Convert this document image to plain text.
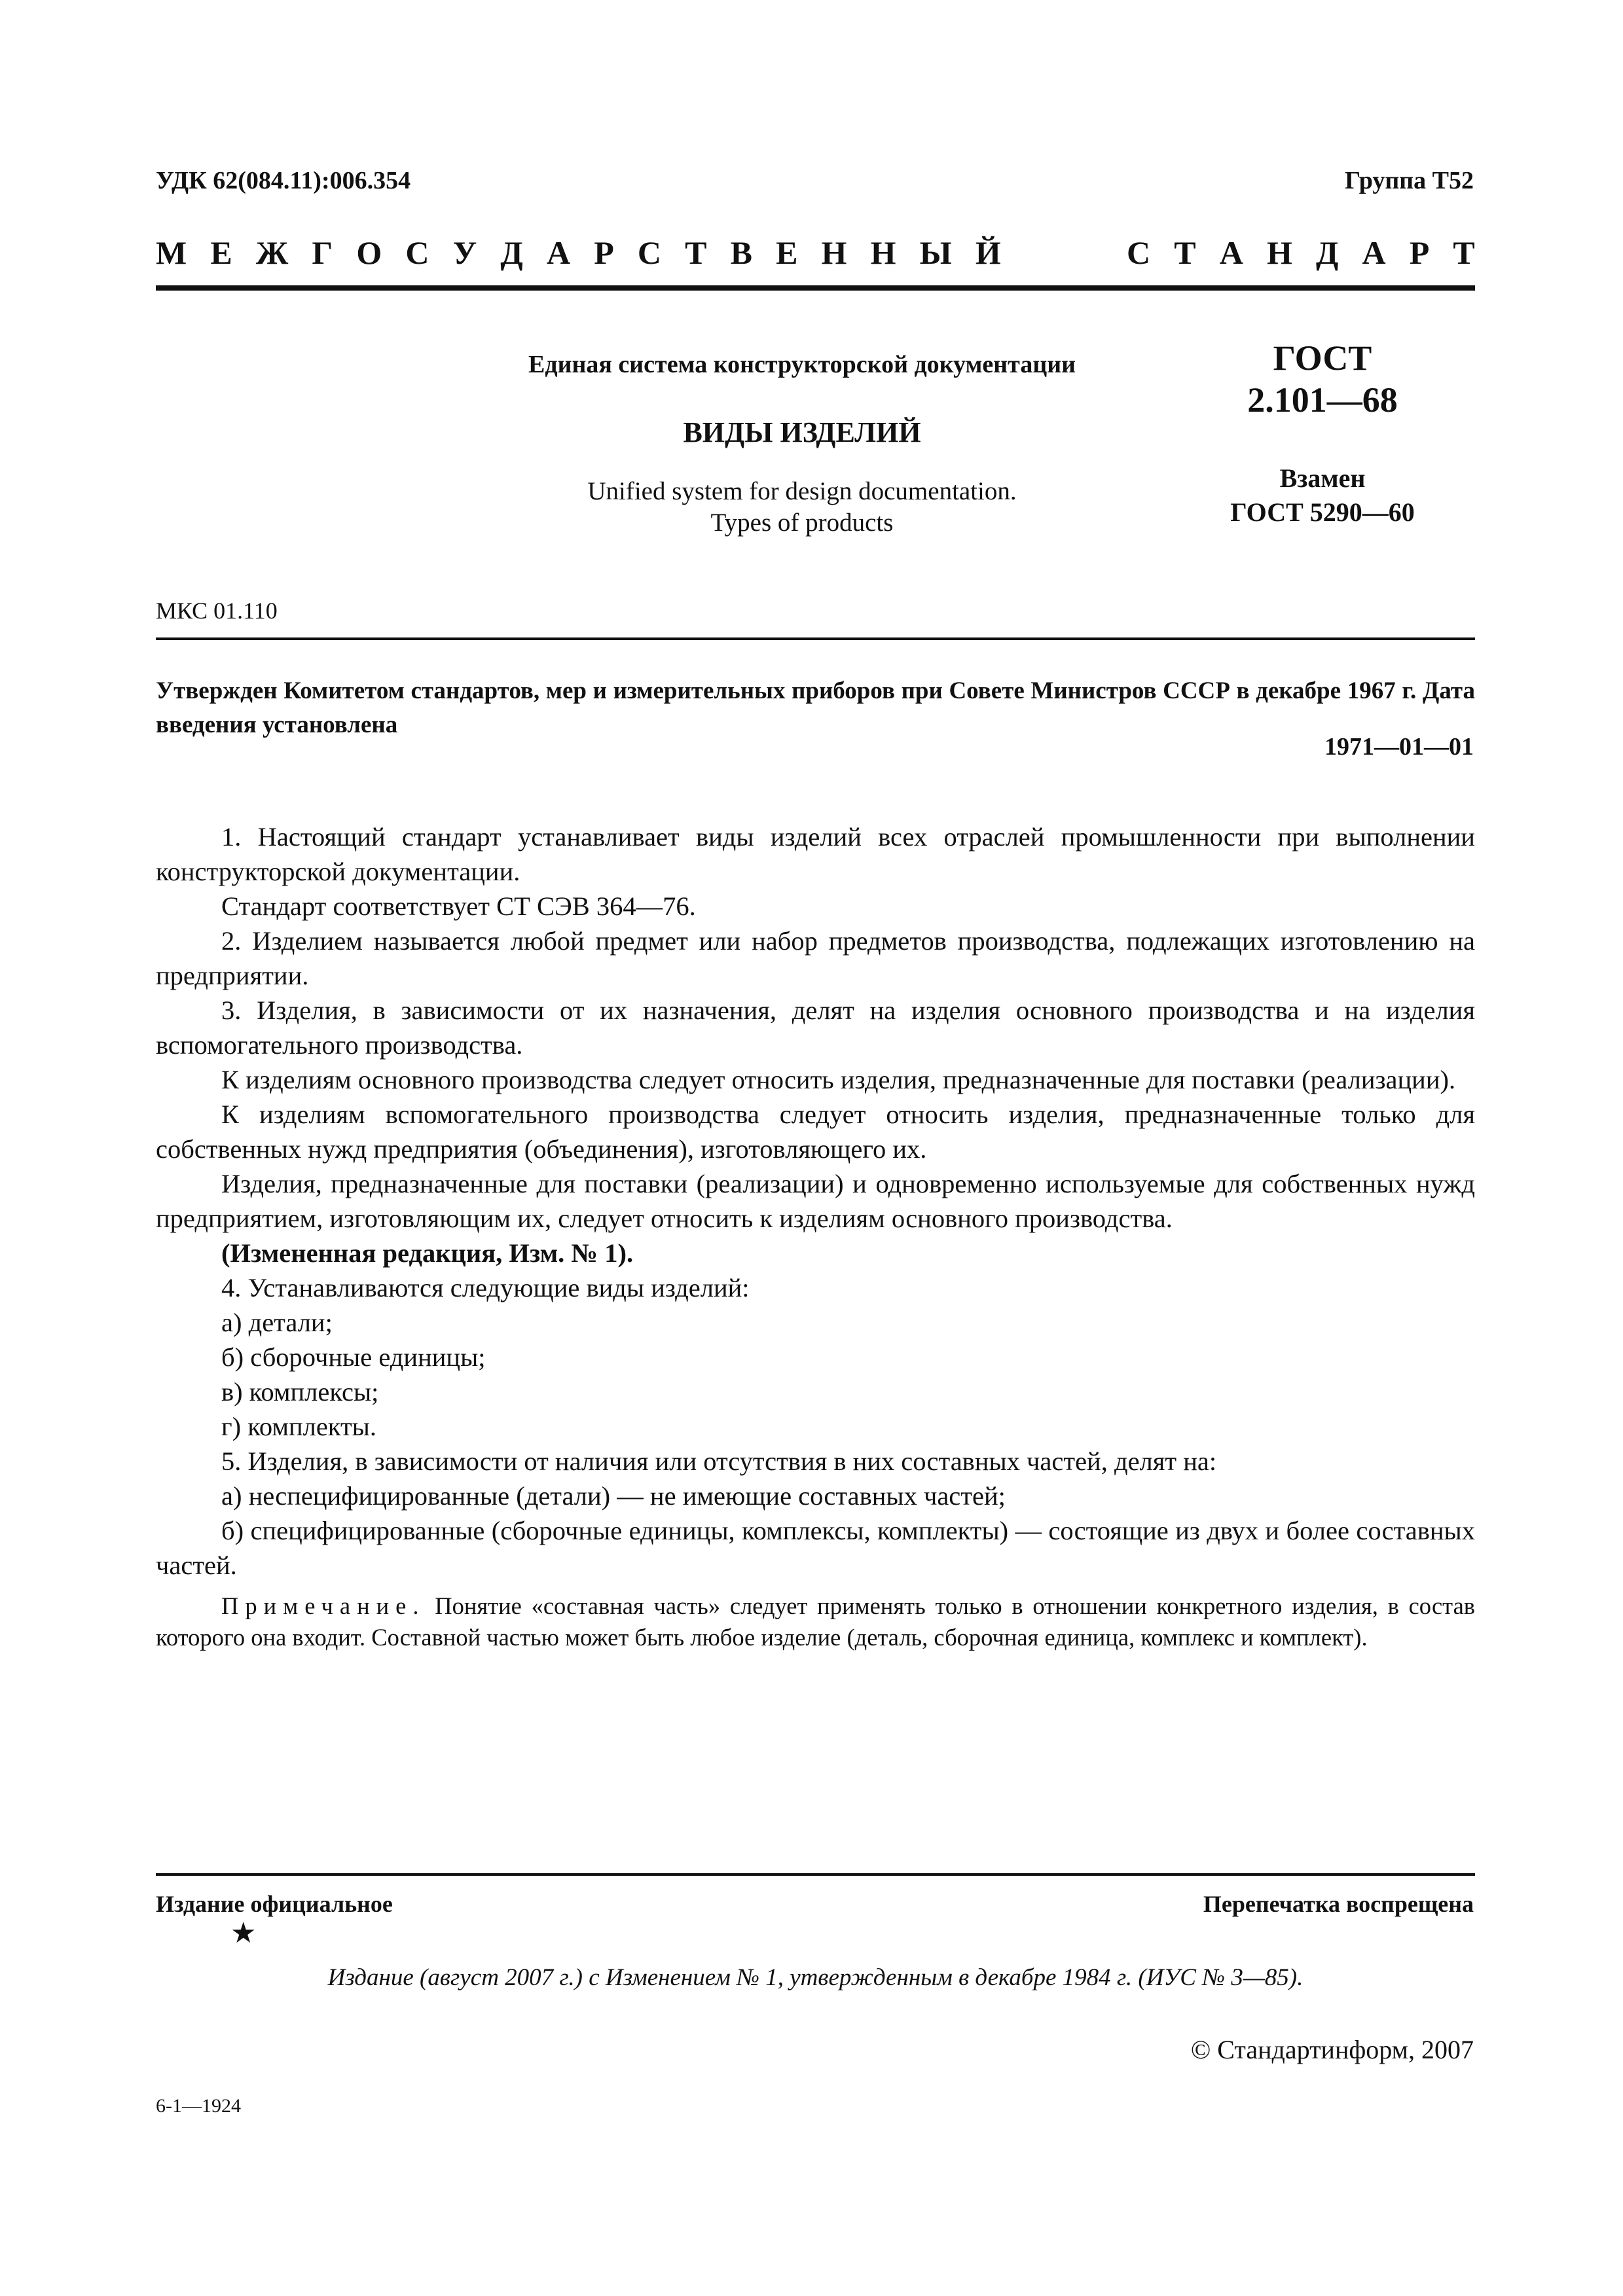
УДК 62(084.11):006.354	Группа Т52
М Е Ж Г О С У Д А Р С Т В Е Н Н Ы Й	С Т А Н Д А Р Т
Единая система конструкторской документации
ВИДЫ ИЗДЕЛИЙ
Unified system for design documentation.
Types of products
ГОСТ
2.101—68
Взамен
ГОСТ 5290—60
МКС 01.110
Утвержден Комитетом стандартов, мер и измерительных приборов при Совете Министров СССР в декабре 1967 г. Дата введения установлена
1971—01—01

1. Настоящий стандарт устанавливает виды изделий всех отраслей промышленности при выполнении конструкторской документации.

Стандарт соответствует СТ СЭВ 364—76.

2. Изделием называется любой предмет или набор предметов производства, подлежащих изготовлению на предприятии.

3. Изделия, в зависимости от их назначения, делят на изделия основного производства и на изделия вспомогательного производства.

К изделиям основного производства следует относить изделия, предназначенные для поставки (реализации).

К изделиям вспомогательного производства следует относить изделия, предназначенные только для собственных нужд предприятия (объединения), изготовляющего их.

Изделия, предназначенные для поставки (реализации) и одновременно используемые для собственных нужд предприятием, изготовляющим их, следует относить к изделиям основного производства.

(Измененная редакция, Изм. № 1).

4. Устанавливаются следующие виды изделий:

а) детали;

б) сборочные единицы;

в) комплексы;

г) комплекты.

5. Изделия, в зависимости от наличия или отсутствия в них составных частей, делят на:

а) неспецифицированные (детали) — не имеющие составных частей;

б) специфицированные (сборочные единицы, комплексы, комплекты) — состоящие из двух и более составных частей.

Примечание. Понятие «составная часть» следует применять только в отношении конкретного изделия, в состав которого она входит. Составной частью может быть любое изделие (деталь, сборочная единица, комплекс и комплект).

Издание официальное	Перепечатка воспрещена
★
Издание (август 2007 г.) с Изменением № 1, утвержденным в декабре 1984 г. (ИУС № 3—85).
© Стандартинформ, 2007
6-1—1924
